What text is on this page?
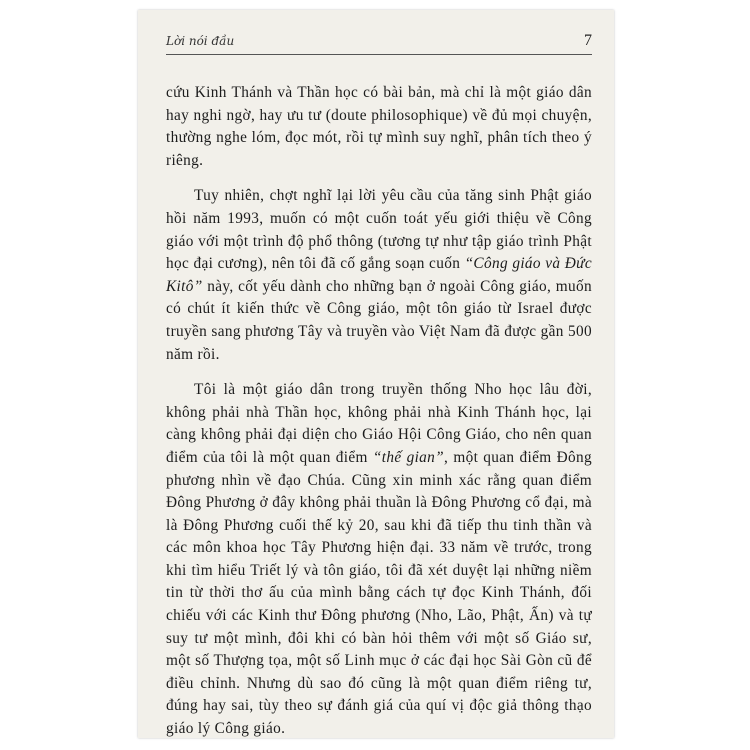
Lời nói đầu	7

cứu Kinh Thánh và Thần học có bài bản, mà chỉ là một giáo dân hay nghi ngờ, hay ưu tư (doute philosophique) về đủ mọi chuyện, thường nghe lóm, đọc mót, rồi tự mình suy nghĩ, phân tích theo ý riêng.

Tuy nhiên, chợt nghĩ lại lời yêu cầu của tăng sinh Phật giáo hồi năm 1993, muốn có một cuốn toát yếu giới thiệu về Công giáo với một trình độ phổ thông (tương tự như tập giáo trình Phật học đại cương), nên tôi đã cố gắng soạn cuốn “Công giáo và Đức Kitô” này, cốt yếu dành cho những bạn ở ngoài Công giáo, muốn có chút ít kiến thức về Công giáo, một tôn giáo từ Israel được truyền sang phương Tây và truyền vào Việt Nam đã được gần 500 năm rồi.

Tôi là một giáo dân trong truyền thống Nho học lâu đời, không phải nhà Thần học, không phải nhà Kinh Thánh học, lại càng không phải đại diện cho Giáo Hội Công Giáo, cho nên quan điểm của tôi là một quan điểm “thế gian”, một quan điểm Đông phương nhìn về đạo Chúa. Cũng xin minh xác rằng quan điểm Đông Phương ở đây không phải thuần là Đông Phương cổ đại, mà là Đông Phương cuối thế kỷ 20, sau khi đã tiếp thu tinh thần và các môn khoa học Tây Phương hiện đại. 33 năm về trước, trong khi tìm hiểu Triết lý và tôn giáo, tôi đã xét duyệt lại những niềm tin từ thời thơ ấu của mình bằng cách tự đọc Kinh Thánh, đối chiếu với các Kinh thư Đông phương (Nho, Lão, Phật, Ấn) và tự suy tư một mình, đôi khi có bàn hỏi thêm với một số Giáo sư, một số Thượng tọa, một số Linh mục ở các đại học Sài Gòn cũ để điều chỉnh. Nhưng dù sao đó cũng là một quan điểm riêng tư, đúng hay sai, tùy theo sự đánh giá của quí vị độc giả thông thạo giáo lý Công giáo.
